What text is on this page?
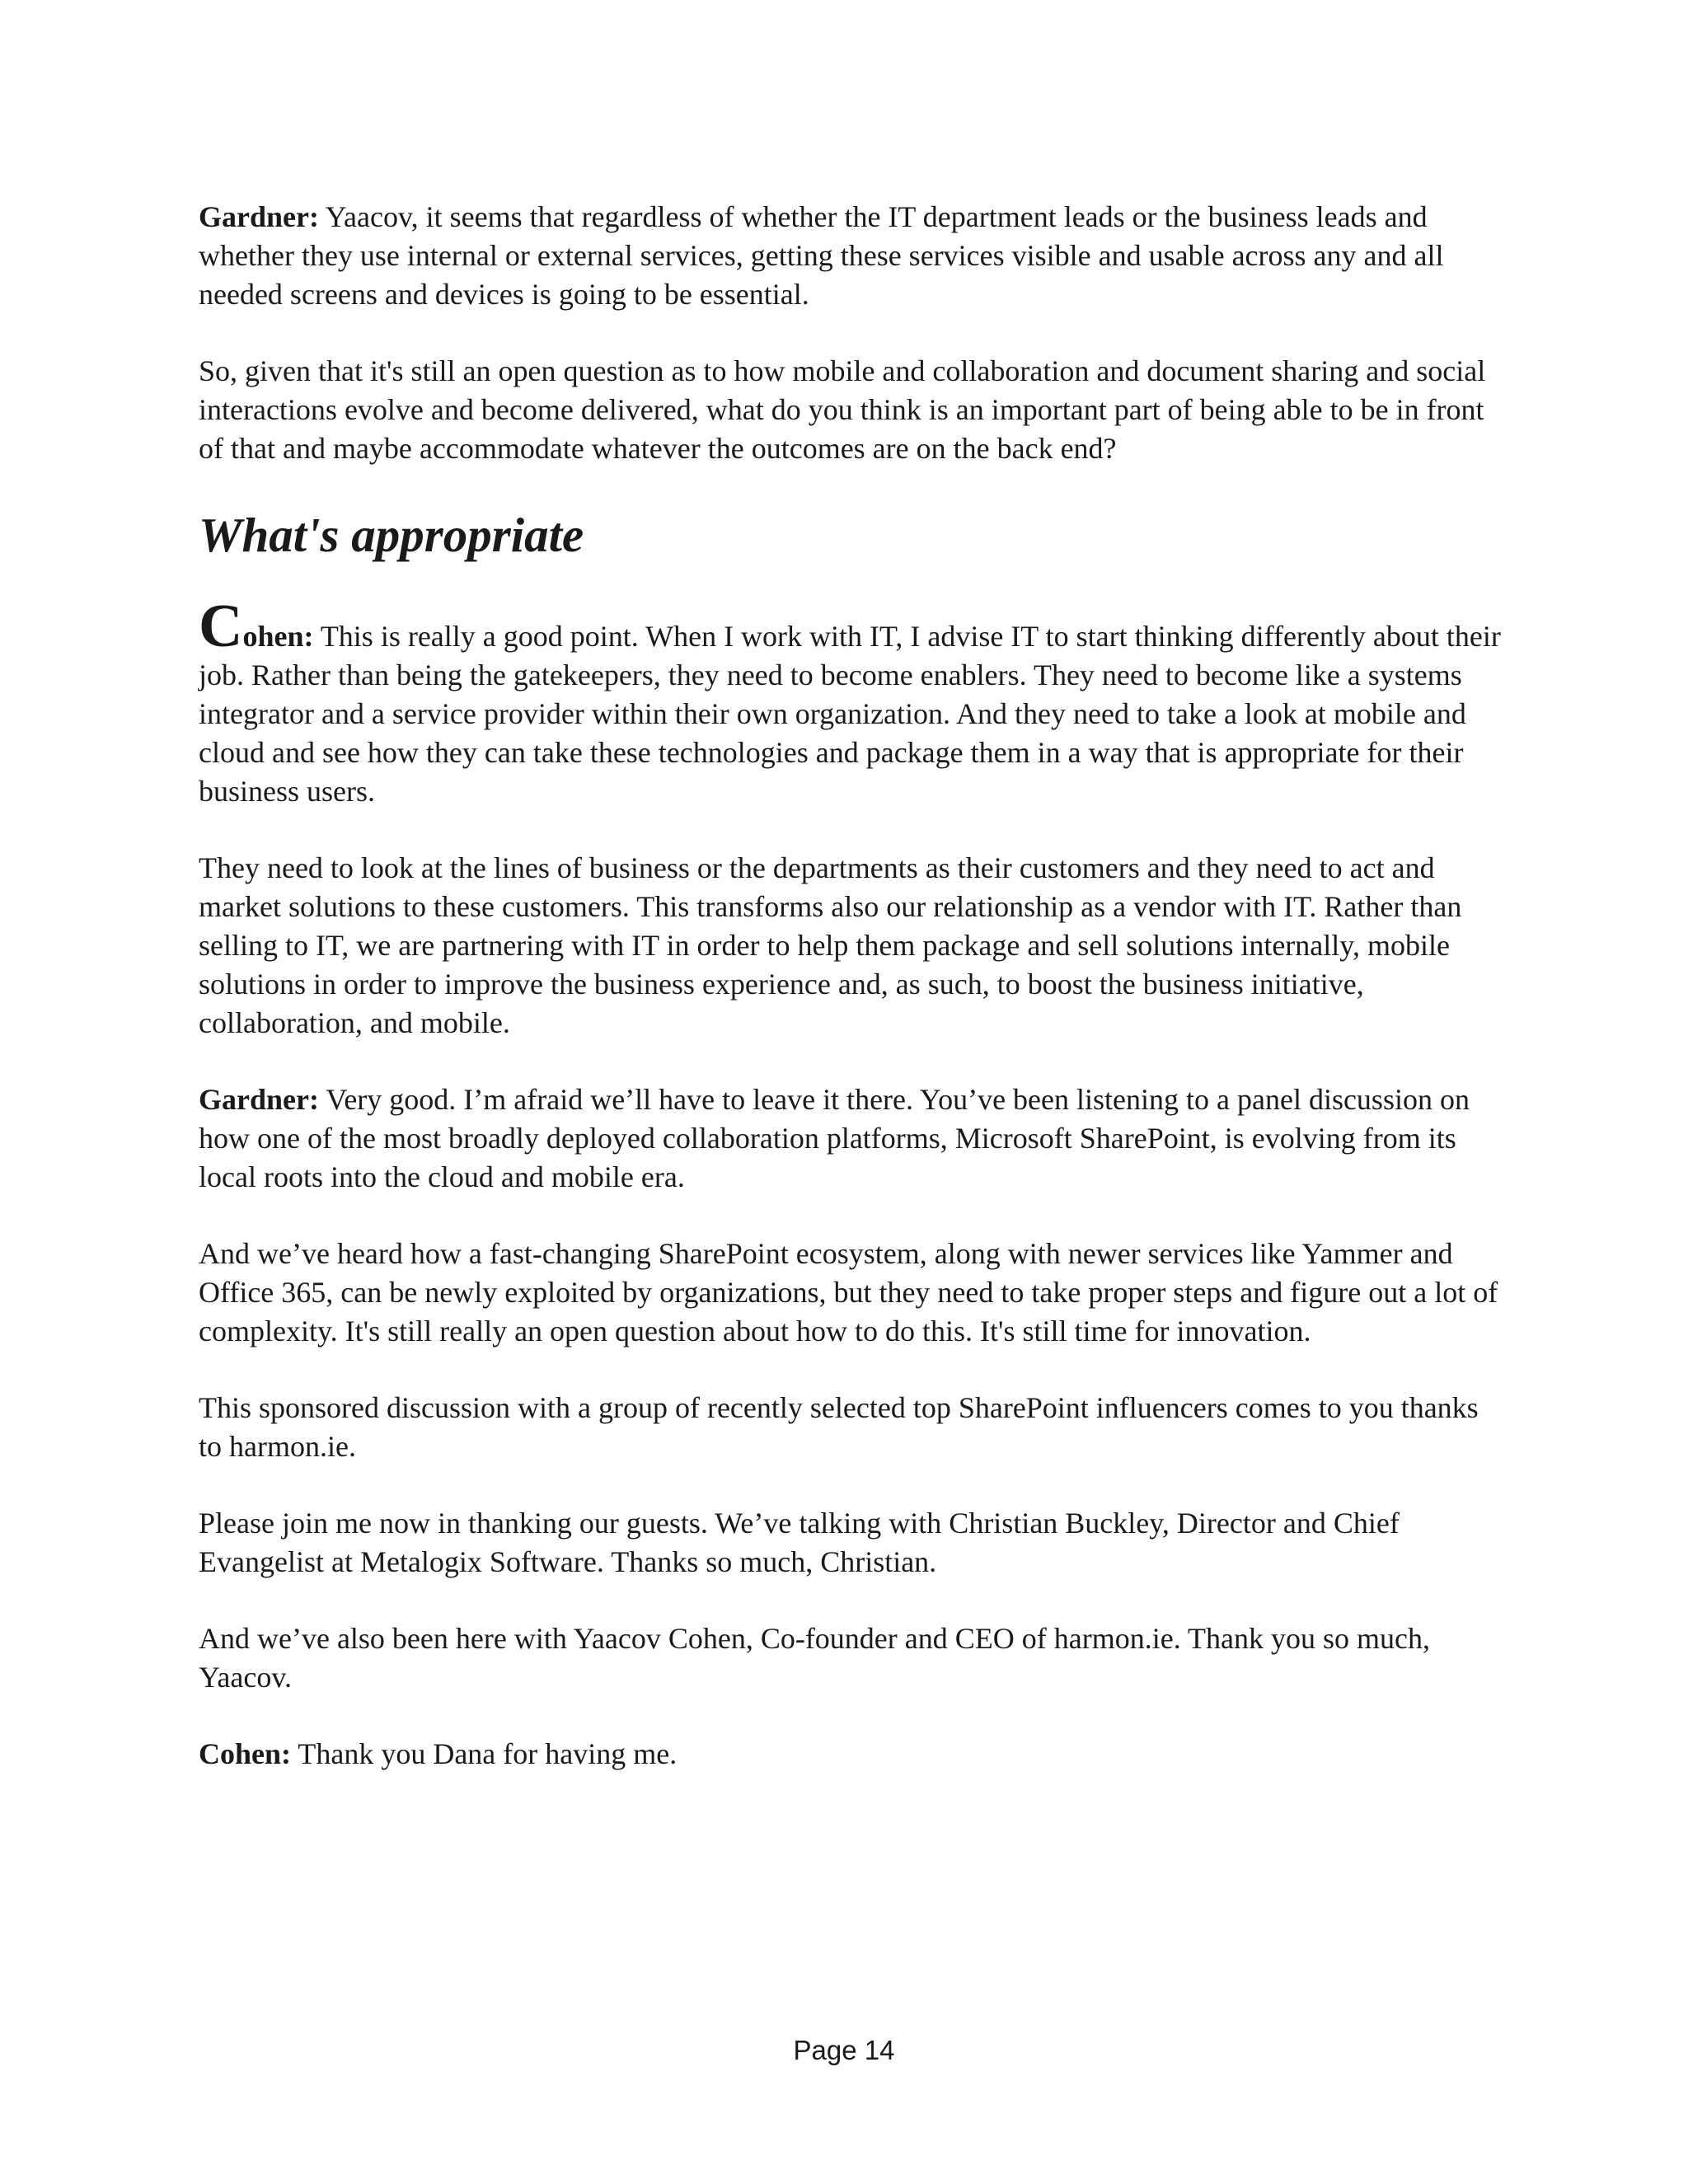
Gardner: Yaacov, it seems that regardless of whether the IT department leads or the business leads and whether they use internal or external services, getting these services visible and usable across any and all needed screens and devices is going to be essential.

So, given that it's still an open question as to how mobile and collaboration and document sharing and social interactions evolve and become delivered, what do you think is an important part of being able to be in front of that and maybe accommodate whatever the outcomes are on the back end?

What's appropriate

Cohen: This is really a good point. When I work with IT, I advise IT to start thinking differently about their job. Rather than being the gatekeepers, they need to become enablers. They need to become like a systems integrator and a service provider within their own organization. And they need to take a look at mobile and cloud and see how they can take these technologies and package them in a way that is appropriate for their business users.

They need to look at the lines of business or the departments as their customers and they need to act and market solutions to these customers. This transforms also our relationship as a vendor with IT. Rather than selling to IT, we are partnering with IT in order to help them package and sell solutions internally, mobile solutions in order to improve the business experience and, as such, to boost the business initiative, collaboration, and mobile.

Gardner: Very good. I’m afraid we’ll have to leave it there. You’ve been listening to a panel discussion on how one of the most broadly deployed collaboration platforms, Microsoft SharePoint, is evolving from its local roots into the cloud and mobile era.

And we’ve heard how a fast-changing SharePoint ecosystem, along with newer services like Yammer and Office 365, can be newly exploited by organizations, but they need to take proper steps and figure out a lot of complexity. It's still really an open question about how to do this. It's still time for innovation.

This sponsored discussion with a group of recently selected top SharePoint influencers comes to you thanks to harmon.ie.

Please join me now in thanking our guests. We’ve talking with Christian Buckley, Director and Chief Evangelist at Metalogix Software. Thanks so much, Christian.

And we’ve also been here with Yaacov Cohen, Co-founder and CEO of harmon.ie. Thank you so much, Yaacov.

Cohen: Thank you Dana for having me.

Page 14
